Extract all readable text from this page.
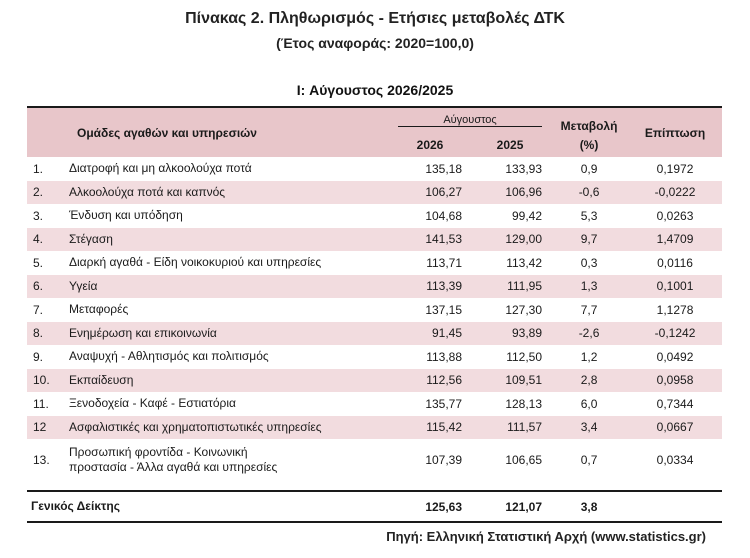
Πίνακας 2. Πληθωρισμός - Ετήσιες μεταβολές ΔΤΚ
(Έτος αναφοράς: 2020=100,0)
I: Αύγουστος 2026/2025
Ομάδες αγαθών και υπηρεσιών		Αύγουστος		Μεταβολή	Επίπτωση
		2026	2025	(%)	
1.	Διατροφή και μη αλκοολούχα ποτά	135,18	133,93	0,9	0,1972
2.	Αλκοολούχα ποτά και καπνός	106,27	106,96	-0,6	-0,0222
3.	Ένδυση και υπόδηση	104,68	99,42	5,3	0,0263
4.	Στέγαση	141,53	129,00	9,7	1,4709
5.	Διαρκή αγαθά - Είδη νοικοκυριού και υπηρεσίες	113,71	113,42	0,3	0,0116
6.	Υγεία	113,39	111,95	1,3	0,1001
7.	Μεταφορές	137,15	127,30	7,7	1,1278
8.	Ενημέρωση και επικοινωνία	91,45	93,89	-2,6	-0,1242
9.	Αναψυχή - Αθλητισμός και πολιτισμός	113,88	112,50	1,2	0,0492
10.	Εκπαίδευση	112,56	109,51	2,8	0,0958
11.	Ξενοδοχεία - Καφέ - Εστιατόρια	135,77	128,13	6,0	0,7344
12	Ασφαλιστικές και χρηματοπιστωτικές υπηρεσίες	115,42	111,57	3,4	0,0667
13.	Προσωπική φροντίδα - Κοινωνική
προστασία - Άλλα αγαθά και υπηρεσίες	107,39	106,65	0,7	0,0334

Γενικός Δείκτης		125,63	121,07	3,8	
Πηγή: Ελληνική Στατιστική Αρχή (www.statistics.gr)
